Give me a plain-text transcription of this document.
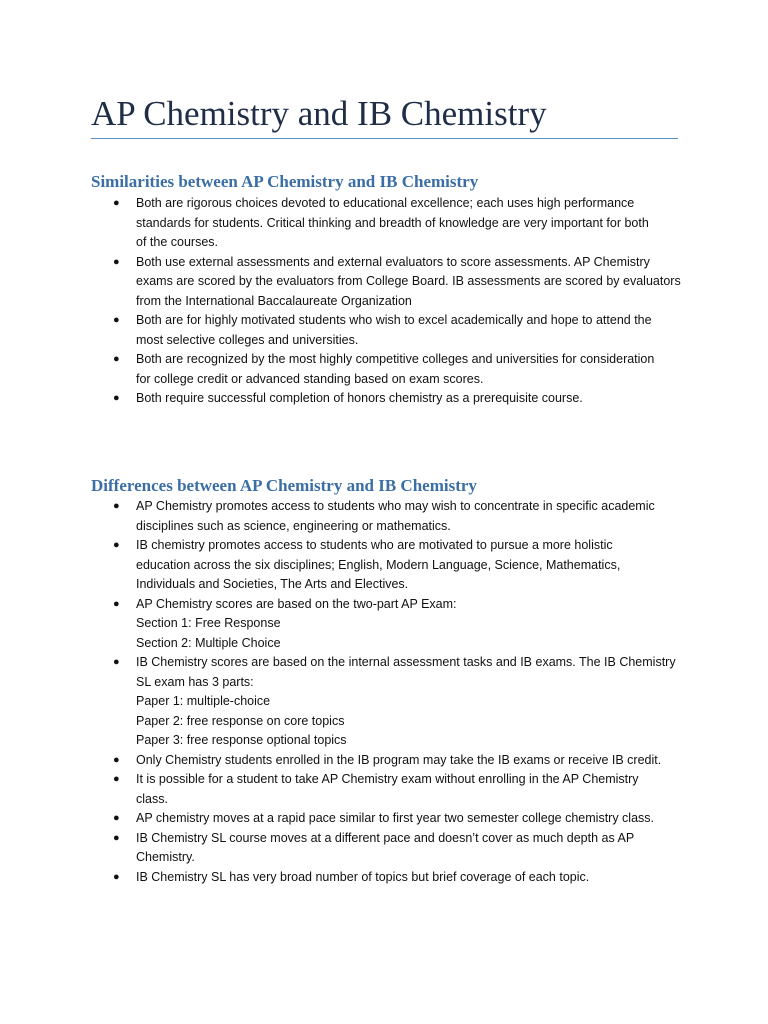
AP Chemistry and IB Chemistry
Similarities between AP Chemistry and IB Chemistry
● Both are rigorous choices devoted to educational excellence; each uses high performance
standards for students. Critical thinking and breadth of knowledge are very important for both
of the courses.
● Both use external assessments and external evaluators to score assessments. AP Chemistry
exams are scored by the evaluators from College Board. IB assessments are scored by evaluators
from the International Baccalaureate Organization
● Both are for highly motivated students who wish to excel academically and hope to attend the
most selective colleges and universities.
● Both are recognized by the most highly competitive colleges and universities for consideration
for college credit or advanced standing based on exam scores.
● Both require successful completion of honors chemistry as a prerequisite course.
Differences between AP Chemistry and IB Chemistry
● AP Chemistry promotes access to students who may wish to concentrate in specific academic
disciplines such as science, engineering or mathematics.
● IB chemistry promotes access to students who are motivated to pursue a more holistic
education across the six disciplines; English, Modern Language, Science, Mathematics,
Individuals and Societies, The Arts and Electives.
● AP Chemistry scores are based on the two-part AP Exam:
Section 1: Free Response
Section 2: Multiple Choice
● IB Chemistry scores are based on the internal assessment tasks and IB exams. The IB Chemistry
SL exam has 3 parts:
Paper 1: multiple-choice
Paper 2: free response on core topics
Paper 3: free response optional topics
● Only Chemistry students enrolled in the IB program may take the IB exams or receive IB credit.
● It is possible for a student to take AP Chemistry exam without enrolling in the AP Chemistry
class.
● AP chemistry moves at a rapid pace similar to first year two semester college chemistry class.
● IB Chemistry SL course moves at a different pace and doesn’t cover as much depth as AP
Chemistry.
● IB Chemistry SL has very broad number of topics but brief coverage of each topic.
